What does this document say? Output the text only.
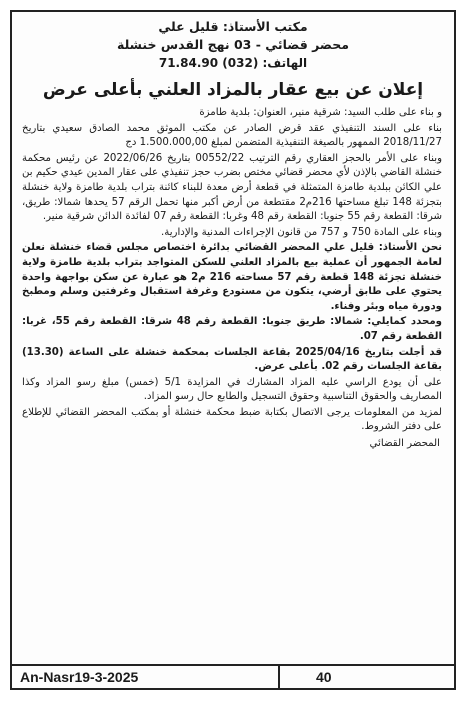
مكتب الأستاذ: قليل علي

محضر قضائي - 03 نهج القدس خنشلة

الهاتف: (032) 71.84.90

إعلان عن بيع عقار بالمزاد العلني بأعلى عرض

و بناء على طلب السيد: شرقية منير، العنوان: بلدية طامزة

بناء على السند التنفيذي عقد قرض الصادر عن مكتب الموثق محمد الصادق سعيدي بتاريخ 2018/11/27 الممهور بالصيغة التنفيذية المتضمن لمبلغ 1.500.000,00 دج

وبناء على الأمر بالحجز العقاري رقم الترتيب 00552/22 بتاريخ 2022/06/26 عن رئيس محكمة خنشلة القاضي بالإذن لأي محضر قضائي مختص بضرب حجز تنفيذي على عقار المدين عيدي حكيم بن علي الكائن ببلدية طامزة المتمثلة في قطعة أرض معدة للبناء كائنة بتراب بلدية طامزة ولاية خنشلة بتجزئة 148 تبلغ مساحتها 216م2 مقتطعة من أرض أكبر منها تحمل الرقم 57 يحدها شمالا: طريق، شرقا: القطعة رقم 55 جنوبا: القطعة رقم 48 وغربا: القطعة رقم 07 لفائدة الدائن شرقية منير.

وبناء على المادة 750 و 757 من قانون الإجراءات المدنية والإدارية.

نحن الأستاذ: قليل علي المحضر القضائي بدائرة اختصاص مجلس قضاء خنشلة نعلن لعامة الجمهور أن عملية بيع بالمزاد العلني للسكن المتواجد بتراب بلدية طامزة ولاية خنشلة تجزئة 148 قطعة رقم 57 مساحته 216 م2 هو عبارة عن سكن بواجهة واحدة يحتوي على طابق أرضي، يتكون من مستودع وغرفة استقبال وغرفتين وسلم ومطبخ ودورة مياه وبئر وفناء.

ومحدد كمايلي: شمالا: طريق جنوبا: القطعة رقم 48 شرقا: القطعة رقم 55، غربا: القطعة رقم 07.

قد أجلت بتاريخ 2025/04/16 بقاعة الجلسات بمحكمة خنشلة على الساعة (13.30) بقاعة الجلسات رقم 02. بأعلى عرض.

على أن يودع الراسي عليه المزاد المشارك في المزايدة 5/1 (خمس) مبلغ رسو المزاد وكذا المصاريف والحقوق التناسبية وحقوق التسجيل والطابع حال رسو المزاد.

لمزيد من المعلومات يرجى الاتصال بكتابة ضبط محكمة خنشلة أو بمكتب المحضر القضائي للإطلاع على دفتر الشروط.

المحضر القضائي
An-Nasr19-3-2025	40
